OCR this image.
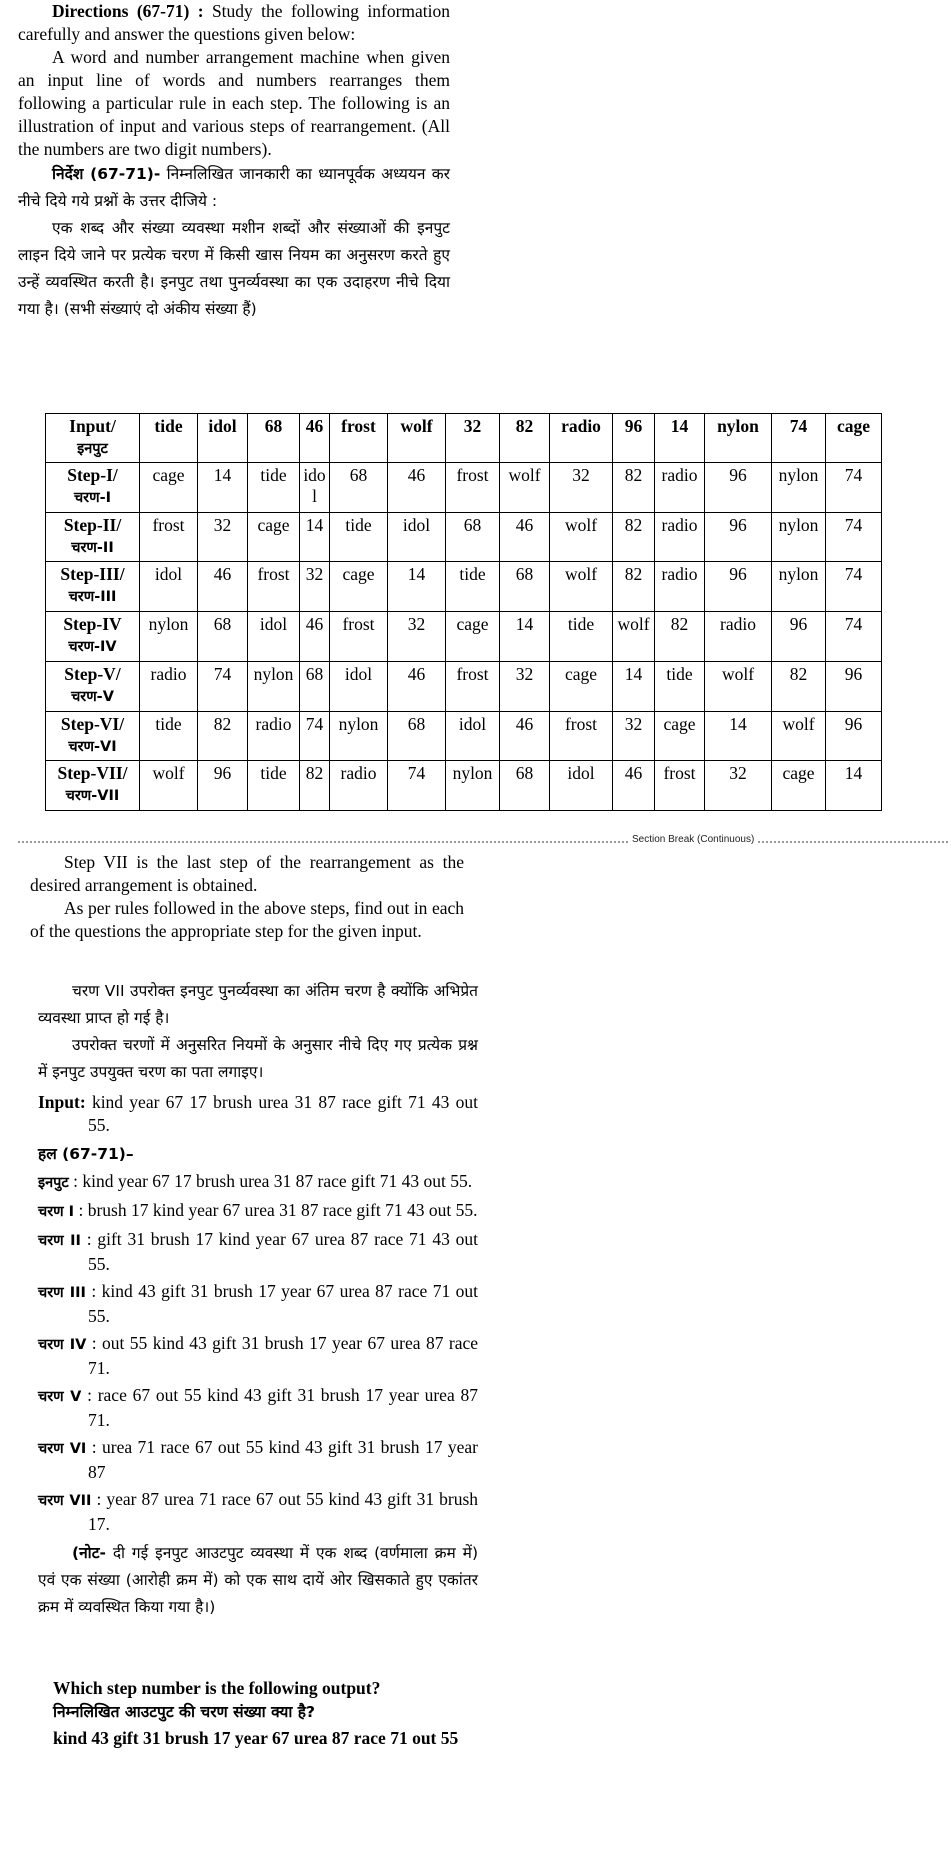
Directions (67-71) : Study the following information carefully and answer the questions given below:

A word and number arrangement machine when given an input line of words and numbers rearranges them following a particular rule in each step. The following is an illustration of input and various steps of rearrangement. (All the numbers are two digit numbers).

निर्देश (67-71)- निम्नलिखित जानकारी का ध्यानपूर्वक अध्ययन कर नीचे दिये गये प्रश्नों के उत्तर दीजिये :

एक शब्द और संख्या व्यवस्था मशीन शब्दों और संख्याओं की इनपुट लाइन दिये जाने पर प्रत्येक चरण में किसी खास नियम का अनुसरण करते हुए उन्हें व्यवस्थित करती है। इनपुट तथा पुनर्व्यवस्था का एक उदाहरण नीचे दिया गया है। (सभी संख्याएं दो अंकीय संख्या हैं)

Input/
इनपुट	tide	idol	68	46	frost	wolf	32	82	radio	96	14	nylon	74	cage
Step-I/
चरण-I	cage	14	tide	idol	68	46	frost	wolf	32	82	radio	96	nylon	74
Step-II/
चरण-II	frost	32	cage	14	tide	idol	68	46	wolf	82	radio	96	nylon	74
Step-III/
चरण-III	idol	46	frost	32	cage	14	tide	68	wolf	82	radio	96	nylon	74
Step-IV
चरण-IV	nylon	68	idol	46	frost	32	cage	14	tide	wolf	82	radio	96	74
Step-V/
चरण-V	radio	74	nylon	68	idol	46	frost	32	cage	14	tide	wolf	82	96
Step-VI/
चरण-VI	tide	82	radio	74	nylon	68	idol	46	frost	32	cage	14	wolf	96
Step-VII/
चरण-VII	wolf	96	tide	82	radio	74	nylon	68	idol	46	frost	32	cage	14
Section Break (Continuous)

Step VII is the last step of the rearrangement as the desired arrangement is obtained.

As per rules followed in the above steps, find out in each of the questions the appropriate step for the given input.

चरण VII उपरोक्त इनपुट पुनर्व्यवस्था का अंतिम चरण है क्योंकि अभिप्रेत व्यवस्था प्राप्त हो गई है।

उपरोक्त चरणों में अनुसरित नियमों के अनुसार नीचे दिए गए प्रत्येक प्रश्न में इनपुट उपयुक्त चरण का पता लगाइए।

Input: kind year 67 17 brush urea 31 87 race gift 71 43 out 55.

हल (67-71)–

इनपुट : kind year 67 17 brush urea 31 87 race gift 71 43 out 55.

चरण I : brush 17 kind year 67 urea 31 87 race gift 71 43 out 55.

चरण II : gift 31 brush 17 kind year 67 urea 87 race 71 43 out 55.

चरण III : kind 43 gift 31 brush 17 year 67 urea 87 race 71 out 55.

चरण IV : out 55 kind 43 gift 31 brush 17 year 67 urea 87 race 71.

चरण V : race 67 out 55 kind 43 gift 31 brush 17 year urea 87 71.

चरण VI : urea 71 race 67 out 55 kind 43 gift 31 brush 17 year 87

चरण VII : year 87 urea 71 race 67 out 55 kind 43 gift 31 brush 17.

(नोट- दी गई इनपुट आउटपुट व्यवस्था में एक शब्द (वर्णमाला क्रम में) एवं एक संख्या (आरोही क्रम में) को एक साथ दायें ओर खिसकाते हुए एकांतर क्रम में व्यवस्थित किया गया है।)

Which step number is the following output?

निम्नलिखित आउटपुट की चरण संख्या क्या है?

kind 43 gift 31 brush 17 year 67 urea 87 race 71 out 55
